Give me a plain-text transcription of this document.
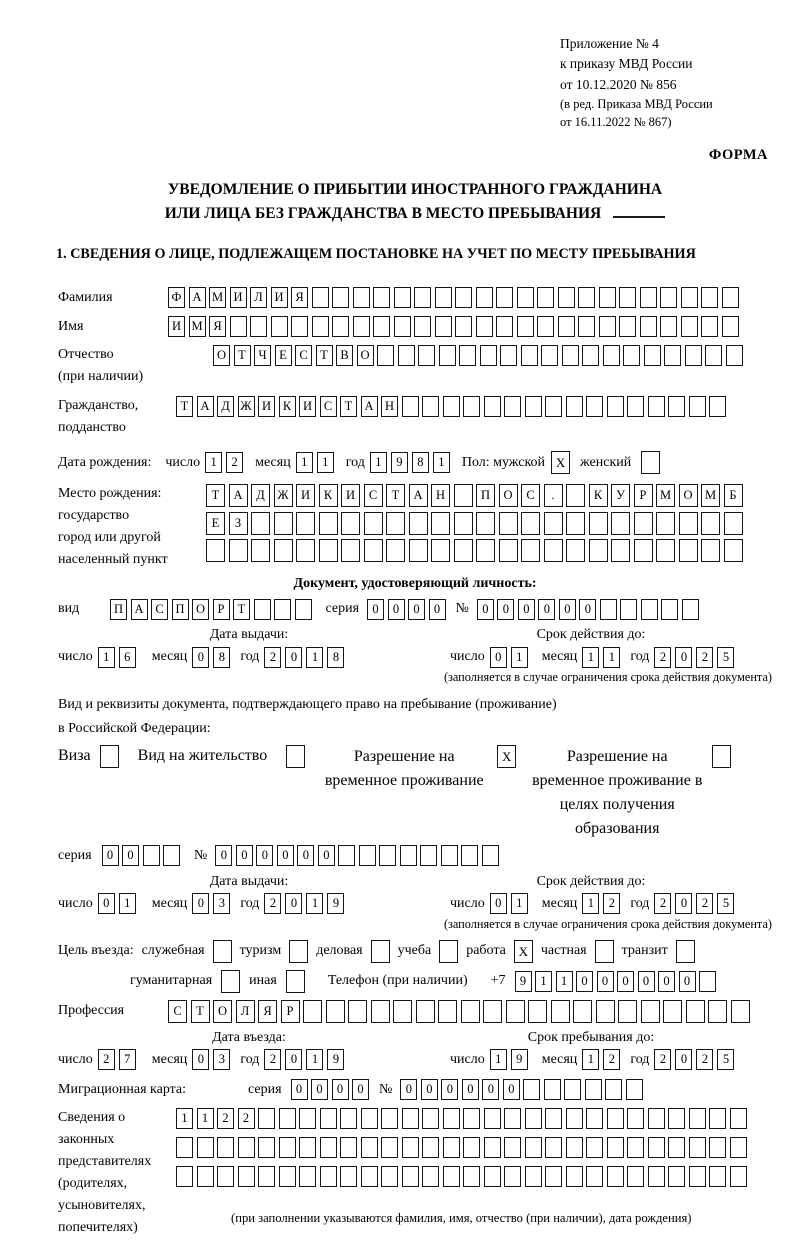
Приложение № 4
к приказу МВД России
от 10.12.2020 № 856
(в ред. Приказа МВД России
от 16.11.2022 № 867)
ФОРМА
УВЕДОМЛЕНИЕ О ПРИБЫТИИ ИНОСТРАННОГО ГРАЖДАНИНА
ИЛИ ЛИЦА БЕЗ ГРАЖДАНСТВА В МЕСТО ПРЕБЫВАНИЯ
1. СВЕДЕНИЯ О ЛИЦЕ, ПОДЛЕЖАЩЕМ ПОСТАНОВКЕ НА УЧЕТ ПО МЕСТУ ПРЕБЫВАНИЯ
Фамилия	Ф А М И Л И Я
Имя	И М Я
Отчество
(при наличии)
О Т	Ч	Е	С	Т	В О
Гражданство,
подданство
Т А Д Ж И К И С	Т А Н
Дата рождения: число 1	2	месяц 1	1	год 1	9	8	1	Пол: мужской X	женский
Место рождения:
государство
город или другой
населенный пункт
Т	А	Д	Ж И	К	И	С	Т	А	Н	П	О	С	.	К	У	Р	М О М	Б
Е	З
Документ, удостоверяющий личность:
вид	П А С П О	Р	Т	серия	0	0	0	0	№	0	0	0	0	0	0
Дата выдачи:
число 1	6	месяц 0	8	год 2	0	1	8
Срок действия до:
число 0	1	месяц 1	1	год 2	0	2	5
(заполняется в случае ограничения срока действия документа)
Вид и реквизиты документа, подтверждающего право на пребывание (проживание)
в Российской Федерации:
Виза	Вид на жительство	Разрешение на временное проживание
X	Разрешение на временное проживание в целях получения образования
серия	0	0	№	0	0	0	0	0	0
Дата выдачи:
число 0	1	месяц 0	3	год 2	0	1	9
Срок действия до:
число 0	1	месяц 1	2	год 2	0	2	5
(заполняется в случае ограничения срока действия документа)
Цель въезда: служебная	туризм	деловая	учеба	работа X частная	транзит
гуманитарная	иная	Телефон (при наличии) +7	9	1	1	0	0	0	0	0	0
Профессия	С	Т	О	Л	Я	Р
Дата въезда:
число 2	7	месяц 0	3	год 2	0	1	9
Срок пребывания до:
число 1	9	месяц 1	2	год 2	0	2	5
Миграционная карта:	серия	0	0	0	0	№	0	0	0	0	0	0
Сведения о
законных
представителях
(родителях,
усыновителях,
попечителях)
1	1	2	2
(при заполнении указываются фамилия, имя, отчество (при наличии), дата рождения)
